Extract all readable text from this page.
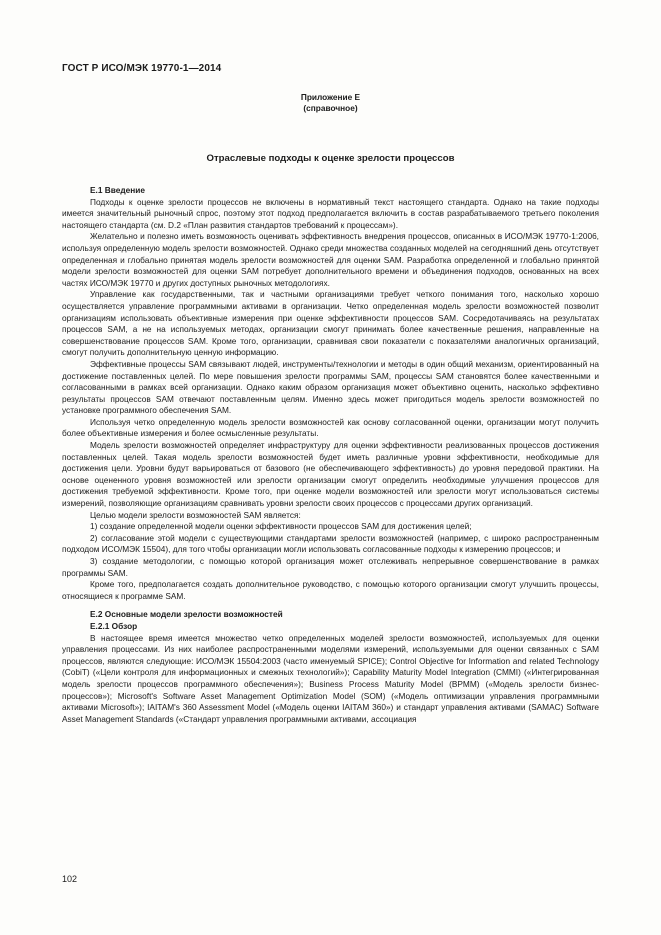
ГОСТ Р ИСО/МЭК 19770-1—2014
Приложение Е
(справочное)
Отраслевые подходы к оценке зрелости процессов
Е.1 Введение

Подходы к оценке зрелости процессов не включены в нормативный текст настоящего стандарта. Однако на такие подходы имеется значительный рыночный спрос, поэтому этот подход предполагается включить в состав разрабатываемого третьего поколения настоящего стандарта (см. D.2 «План развития стандартов требований к процессам»).

Желательно и полезно иметь возможность оценивать эффективность внедрения процессов, описанных в ИСО/МЭК 19770-1:2006, используя определенную модель зрелости возможностей. Однако среди множества созданных моделей на сегодняшний день отсутствует определенная и глобально принятая модель зрелости возможностей для оценки SAM. Разработка определенной и глобально принятой модели зрелости возможностей для оценки SAM потребует дополнительного времени и объединения подходов, основанных на всех частях ИСО/МЭК 19770 и других доступных рыночных методологиях.

Управление как государственными, так и частными организациями требует четкого понимания того, насколько хорошо осуществляется управление программными активами в организации. Четко определенная модель зрелости возможностей позволит организациям использовать объективные измерения при оценке эффективности процессов SAM. Сосредотачиваясь на результатах процессов SAM, а не на используемых методах, организации смогут принимать более качественные решения, направленные на совершенствование процессов SAM. Кроме того, организации, сравнивая свои показатели с показателями аналогичных организаций, смогут получить дополнительную ценную информацию.

Эффективные процессы SAM связывают людей, инструменты/технологии и методы в один общий механизм, ориентированный на достижение поставленных целей. По мере повышения зрелости программы SAM, процессы SAM становятся более качественными и согласованными в рамках всей организации. Однако каким образом организация может объективно оценить, насколько эффективно результаты процессов SAM отвечают поставленным целям. Именно здесь может пригодиться модель зрелости возможностей по установке программного обеспечения SAM.

Используя четко определенную модель зрелости возможностей как основу согласованной оценки, организации могут получить более объективные измерения и более осмысленные результаты.

Модель зрелости возможностей определяет инфраструктуру для оценки эффективности реализованных процессов достижения поставленных целей. Такая модель зрелости возможностей будет иметь различные уровни эффективности, необходимые для достижения цели. Уровни будут варьироваться от базового (не обеспечивающего эффективность) до уровня передовой практики. На основе оцененного уровня возможностей или зрелости организации смогут определить необходимые улучшения процессов для достижения требуемой эффективности. Кроме того, при оценке модели возможностей или зрелости могут использоваться системы измерений, позволяющие организациям сравнивать уровни зрелости своих процессов с процессами других организаций.

Целью модели зрелости возможностей SAM является:

1) создание определенной модели оценки эффективности процессов SAM для достижения целей;

2) согласование этой модели с существующими стандартами зрелости возможностей (например, с широко распространенным подходом ИСО/МЭК 15504), для того чтобы организации могли использовать согласованные подходы к измерению процессов; и

3) создание методологии, с помощью которой организация может отслеживать непрерывное совершенствование в рамках программы SAM.

Кроме того, предполагается создать дополнительное руководство, с помощью которого организации смогут улучшить процессы, относящиеся к программе SAM.

Е.2 Основные модели зрелости возможностей
Е.2.1 Обзор

В настоящее время имеется множество четко определенных моделей зрелости возможностей, используемых для оценки управления процессами. Из них наиболее распространенными моделями измерений, используемыми для оценки связанных с SAM процессов, являются следующие: ИСО/МЭК 15504:2003 (часто именуемый SPICE); Control Objective for Information and related Technology (CobiT) («Цели контроля для информационных и смежных технологий»); Capability Maturity Model Integration (CMMI) («Интегрированная модель зрелости процессов программного обеспечения»); Business Process Maturity Model (BPMM) («Модель зрелости бизнес-процессов»); Microsoft's Software Asset Management Optimization Model (SOM) («Модель оптимизации управления программными активами Microsoft»); IAITAM's 360 Assessment Model («Модель оценки IAITAM 360») и стандарт управления активами (SAMAC) Software Asset Management Standards («Стандарт управления программными активами, ассоциация

102
